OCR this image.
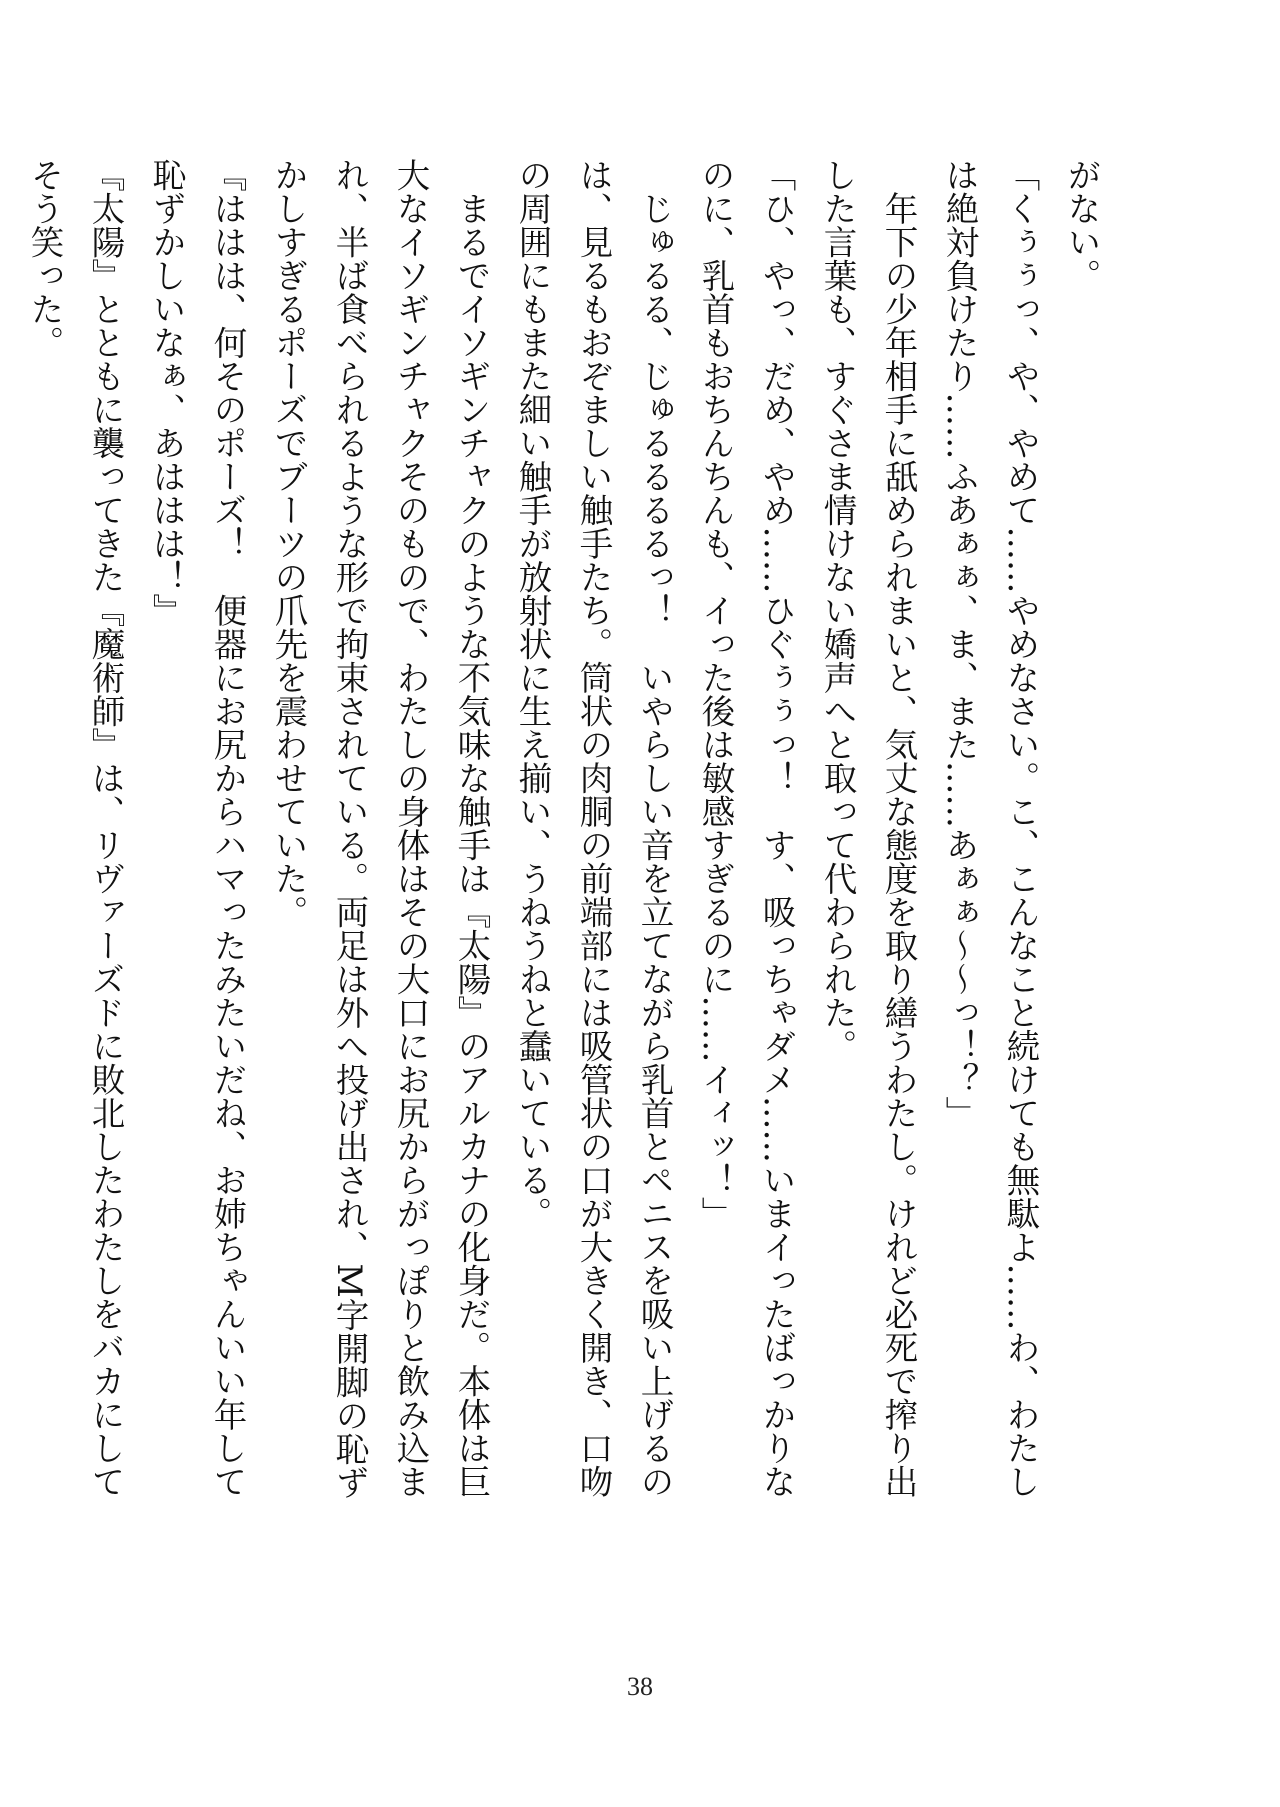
がない。
「くぅぅっ、や、やめて……やめなさい。こ、こんなこと続けても無駄よ……わ、わたし
は絶対負けたり……ふあぁぁ、ま、また……あぁぁ～～っ！？」
　年下の少年相手に舐められまいと、気丈な態度を取り繕うわたし。けれど必死で搾り出
した言葉も、すぐさま情けない嬌声へと取って代わられた。
「ひ、やっ、だめ、やめ……ひぐぅぅっ！　す、吸っちゃダメ……いまイったばっかりな
のに、乳首もおちんちんも、イった後は敏感すぎるのに……イィッ！」
　じゅるる、じゅるるるるっ！　いやらしい音を立てながら乳首とペニスを吸い上げるの
は、見るもおぞましい触手たち。筒状の肉胴の前端部には吸管状の口が大きく開き、口吻
の周囲にもまた細い触手が放射状に生え揃い、うねうねと蠢いている。
　まるでイソギンチャクのような不気味な触手は『太陽』のアルカナの化身だ。本体は巨
大なイソギンチャクそのもので、わたしの身体はその大口にお尻からがっぽりと飲み込ま
れ、半ば食べられるような形で拘束されている。両足は外へ投げ出され、M字開脚の恥ず
かしすぎるポーズでブーツの爪先を震わせていた。
『ははは、何そのポーズ！　便器にお尻からハマったみたいだね、お姉ちゃんいい年して
恥ずかしいなぁ、あははは！』
『太陽』とともに襲ってきた『魔術師』は、リヴァーズドに敗北したわたしをバカにして
そう笑った。
38
